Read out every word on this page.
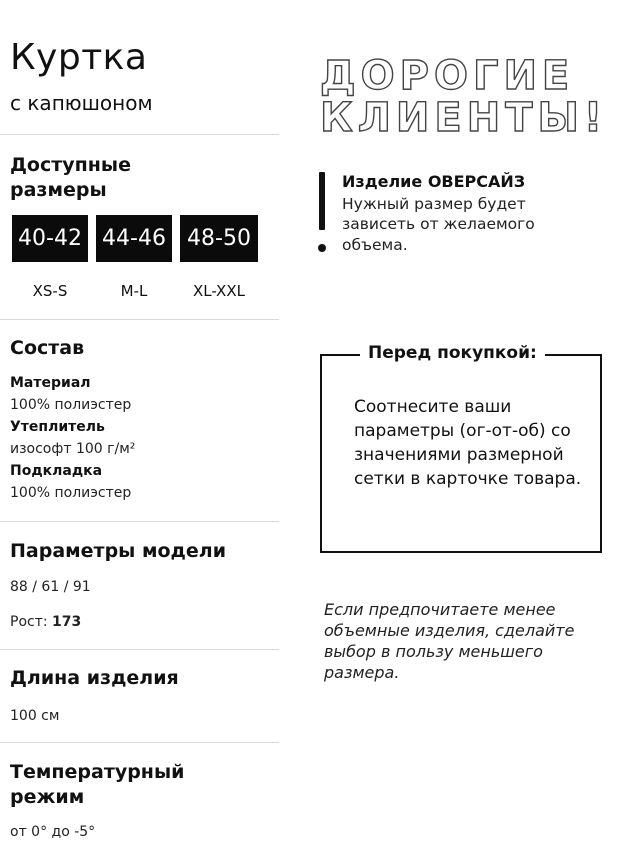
Куртка
с капюшоном
Доступные размеры
40-42 44-46 48-50
XS-S	M-L	XL-XXL
Состав
Материал
100% полиэстер
Утеплитель
изософт 100 г/м²
Подкладка
100% полиэстер
Параметры модели
88 / 61 / 91
Рост: 173
Длина изделия
100 см
Температурный режим
от 0° до -5°
ДОРОГИЕ
КЛИЕНТЫ!
Изделие ОВЕРСАЙЗ
Нужный размер будет зависеть от желаемого объема.
Перед покупкой:
Соотнесите ваши параметры (ог-от-об) со значениями размерной сетки в карточке товара.
Если предпочитаете менее объемные изделия, сделайте выбор в пользу меньшего размера.
